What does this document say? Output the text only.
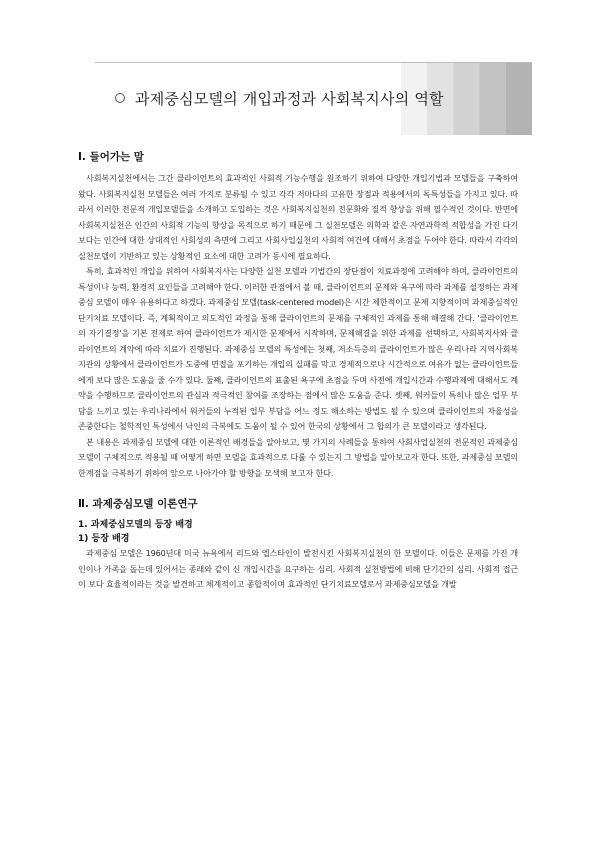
과제중심모델의 개입과정과 사회복지사의 역할

Ⅰ. 들어가는 말

사회복지실천에서는 그간 클라이언트의 효과적인 사회적 기능수행을 원조하기 위하여 다양한 개입기법과 모델들을 구축하여 왔다. 사회복지실천 모델들은 여러 가지로 분류될 수 있고 각각 저마다의 고유한 장점과 적용에서의 독특성들을 가지고 있다. 따라서 이러한 전문적 개입모델들을 소개하고 도입하는 것은 사회복지실천의 전문화와 질적 향상을 위해 필수적인 것이다. 반면에 사회복지실천은 인간의 사회적 기능의 향상을 목적으로 하기 때문에 그 실천모델은 의학과 같은 자연과학적 적합성을 가진 다기 보다는 인간에 대한 상대적인 사회성의 측면에 그리고 사회사업실천의 사회적 여건에 대해서 초점을 두어야 한다. 따라서 각각의 실천모델이 기반하고 있는 상황적인 요소에 대한 고려가 동시에 필요하다.

특히, 효과적인 개입을 위하여 사회복지사는 다양한 실천 모델과 기법간의 장단점이 치료과정에 고려해야 하며, 클라이언트의 특성이나 능력, 환경적 요인들을 고려해야 한다. 이러한 관점에서 볼 때, 클라이언트의 문제와 욕구에 따라 과제를 설정하는 과제중심 모델이 매우 유용하다고 하겠다. 과제중심 모델(task-centered model)은 시간 제한적이고 문제 지향적이며 과제중심적인 단기치료 모델이다. 즉, 계획적이고 의도적인 과정을 통해 클라이언트의 문제를 구체적인 과제를 통해 해결해 간다. '클라이언트의 자기결정'을 기본 전제로 하여 클라이언트가 제시한 문제에서 시작하며, 문제해결을 위한 과제를 선택하고, 사회복지사와 클라이언트의 계약에 따라 치료가 진행된다. 과제중심 모델의 특성에는 첫째, 저소득층의 클라이언트가 많은 우리나라 지역사회복지관의 상황에서 클라이언트가 도중에 면접을 포기하는 개입의 실패를 막고 경제적으로나 시간적으로 여유가 없는 클라이언트들에게 보다 많은 도움을 줄 수가 있다. 둘째, 클라이언트의 표출된 욕구에 초점을 두며 사전에 개입시간과 수행과제에 대해서도 계약을 수행하므로 클라이언트의 관심과 적극적인 참여를 조장하는 점에서 많은 도움을 준다. 셋째, 워커들이 특히나 많은 업무 부담을 느끼고 있는 우리나라에서 워커들의 누적된 업무 부담을 어느 정도 해소하는 방법도 될 수 있으며 클라이언트의 자율성을 존중한다는 철학적인 특성에서 낙인의 극복에도 도움이 될 수 있어 한국의 상황에서 그 합의가 큰 모델이라고 생각된다.

본 내용은 과제중심 모델에 대한 이론적인 배경들을 알아보고, 몇 가지의 사례들을 통하여 사회사업실천의 전문적인 과제중심 모델이 구체적으로 적용될 때 어떻게 하면 모델을 효과적으로 다룰 수 있는지 그 방법을 알아보고자 한다. 또한, 과제중심 모델의 한계점을 극복하기 위하여 앞으로 나아가야 할 방향을 모색해 보고자 한다.

Ⅱ. 과제중심모델 이론연구

1. 과제중심모델의 등장 배경

1) 등장 배경

과제중심 모델은 1960년대 미국 뉴욕에서 리드와 엡스타인이 발전시킨 사회복지실천의 한 모델이다. 이들은 문제를 가진 개인이나 가족을 돕는데 있어서는 종래와 같이 신 개입시간을 요구하는 심리. 사회적 실천방법에 비해 단기간의 심리. 사회적 접근이 보다 효율적이라는 것을 발견하고 체계적이고 종합적이며 효과적인 단기치료모델로서 과제중심모델을 개발
